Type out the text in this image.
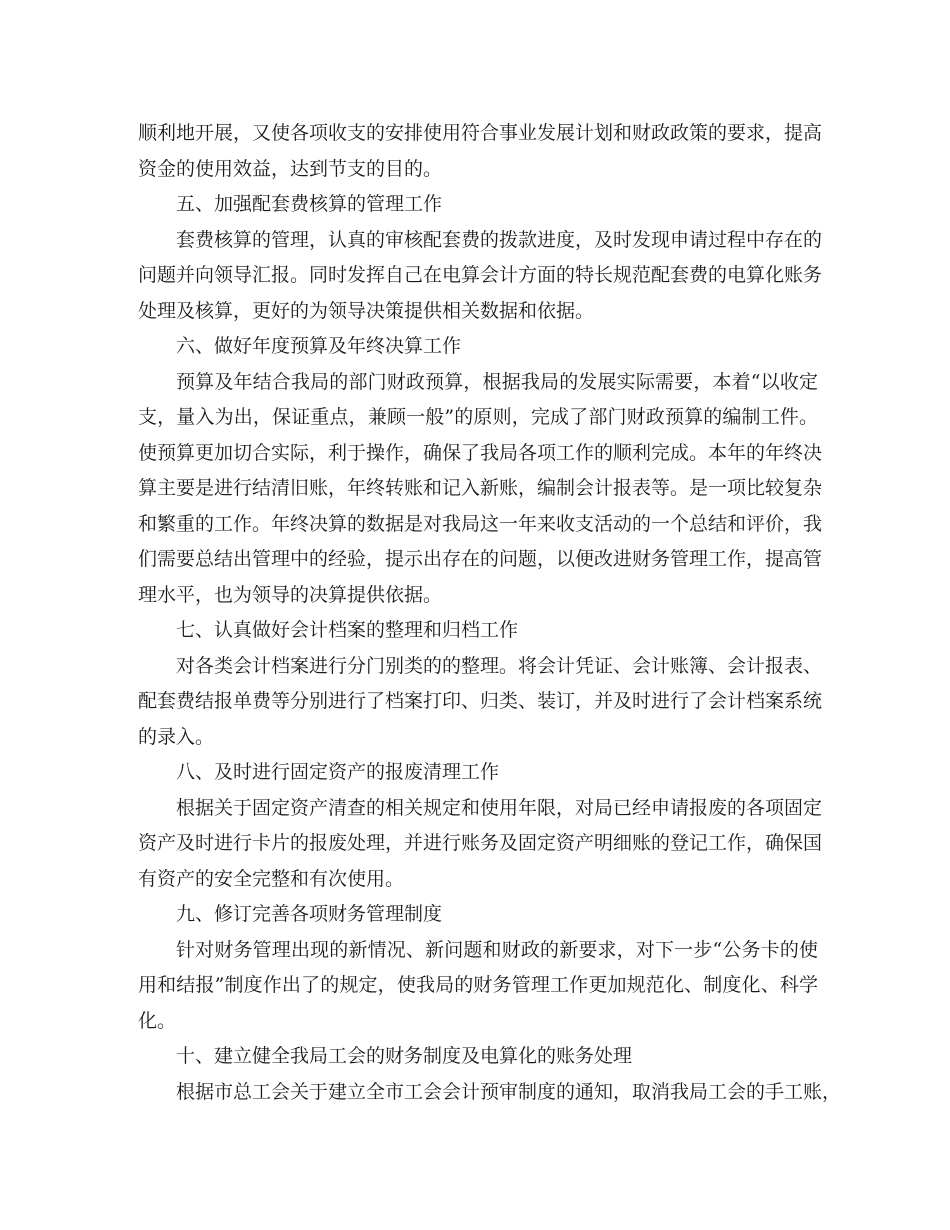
顺利地开展，又使各项收支的安排使用符合事业发展计划和财政政策的要求，提高
资金的使用效益，达到节支的目的。
五、加强配套费核算的管理工作
套费核算的管理，认真的审核配套费的拨款进度，及时发现申请过程中存在的
问题并向领导汇报。同时发挥自己在电算会计方面的特长规范配套费的电算化账务
处理及核算，更好的为领导决策提供相关数据和依据。
六、做好年度预算及年终决算工作
预算及年结合我局的部门财政预算，根据我局的发展实际需要，本着“以收定
支，量入为出，保证重点，兼顾一般”的原则，完成了部门财政预算的编制工件。
使预算更加切合实际，利于操作，确保了我局各项工作的顺利完成。本年的年终决
算主要是进行结清旧账，年终转账和记入新账，编制会计报表等。是一项比较复杂
和繁重的工作。年终决算的数据是对我局这一年来收支活动的一个总结和评价，我
们需要总结出管理中的经验，提示出存在的问题，以便改进财务管理工作，提高管
理水平，也为领导的决算提供依据。
七、认真做好会计档案的整理和归档工作
对各类会计档案进行分门别类的的整理。将会计凭证、会计账簿、会计报表、
配套费结报单费等分别进行了档案打印、归类、装订，并及时进行了会计档案系统
的录入。
八、及时进行固定资产的报废清理工作
根据关于固定资产清查的相关规定和使用年限，对局已经申请报废的各项固定
资产及时进行卡片的报废处理，并进行账务及固定资产明细账的登记工作，确保国
有资产的安全完整和有次使用。
九、修订完善各项财务管理制度
针对财务管理出现的新情况、新问题和财政的新要求，对下一步“公务卡的使
用和结报”制度作出了的规定，使我局的财务管理工作更加规范化、制度化、科学
化。
十、建立健全我局工会的财务制度及电算化的账务处理
根据市总工会关于建立全市工会会计预审制度的通知，取消我局工会的手工账，
